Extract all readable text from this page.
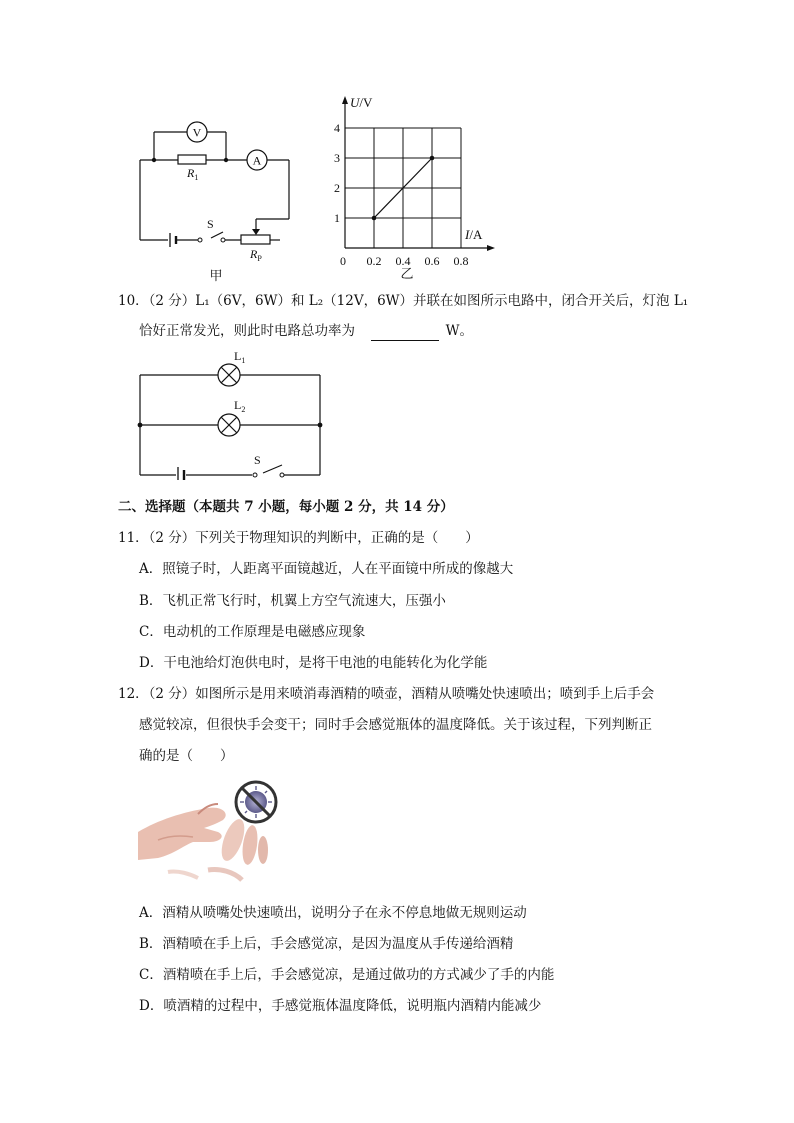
V
A
$R_1$
S
$R_P$
甲
0 0.2 0.4 0.6 0.8
1
2
3
4
U/V
I/A
乙
10．（2 分）L₁（6V，6W）和 L₂（12V，6W）并联在如图所示电路中，闭合开关后，灯泡 L₁
恰好正常发光，则此时电路总功率为	W。
$L_1$
$L_2$
S
二、选择题（本题共 7 小题，每小题 2 分，共 14 分）
11．（2 分）下列关于物理知识的判断中，正确的是（　　）
A．照镜子时，人距离平面镜越近，人在平面镜中所成的像越大
B．飞机正常飞行时，机翼上方空气流速大，压强小
C．电动机的工作原理是电磁感应现象
D．干电池给灯泡供电时，是将干电池的电能转化为化学能
12．（2 分）如图所示是用来喷消毒酒精的喷壶，酒精从喷嘴处快速喷出；喷到手上后手会
感觉较凉，但很快手会变干；同时手会感觉瓶体的温度降低。关于该过程，下列判断正
确的是（　　）
A．酒精从喷嘴处快速喷出，说明分子在永不停息地做无规则运动
B．酒精喷在手上后，手会感觉凉，是因为温度从手传递给酒精
C．酒精喷在手上后，手会感觉凉，是通过做功的方式减少了手的内能
D．喷酒精的过程中，手感觉瓶体温度降低，说明瓶内酒精内能减少
